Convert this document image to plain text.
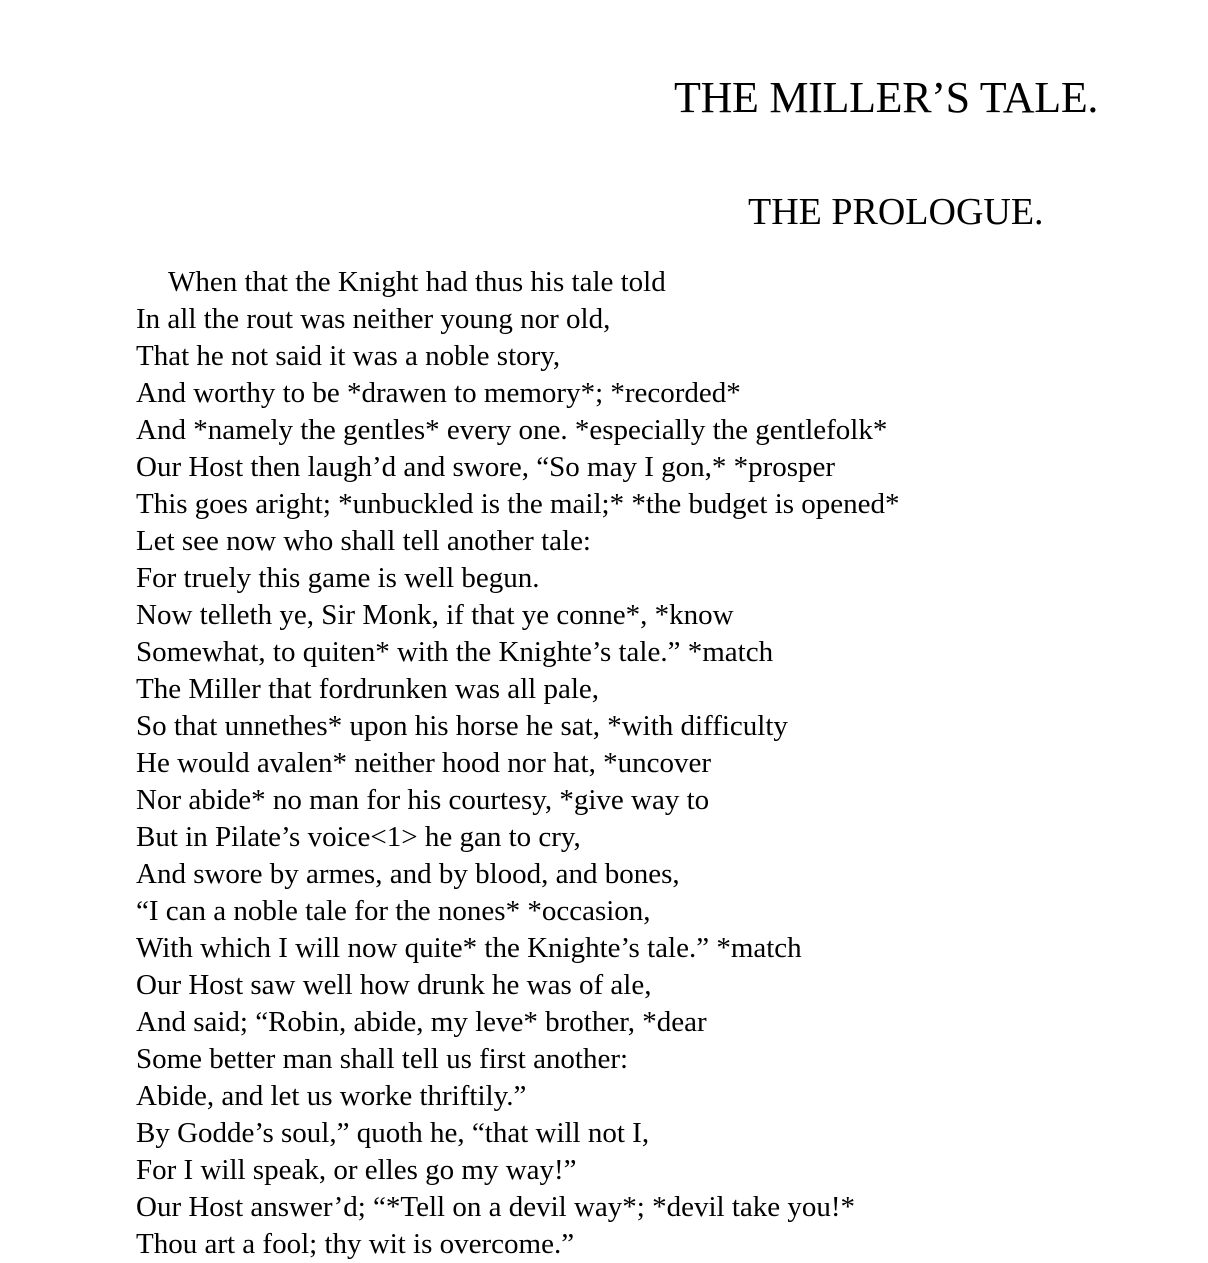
THE MILLER’S TALE.
THE PROLOGUE.
When that the Knight had thus his tale told
In all the rout was neither young nor old,
That he not said it was a noble story,
And worthy to be *drawen to memory*; *recorded*
And *namely the gentles* every one. *especially the gentlefolk*
Our Host then laugh’d and swore, “So may I gon,* *prosper
This goes aright; *unbuckled is the mail;* *the budget is opened*
Let see now who shall tell another tale:
For truely this game is well begun.
Now telleth ye, Sir Monk, if that ye conne*, *know
Somewhat, to quiten* with the Knighte’s tale.” *match
The Miller that fordrunken was all pale,
So that unnethes* upon his horse he sat, *with difficulty
He would avalen* neither hood nor hat, *uncover
Nor abide* no man for his courtesy, *give way to
But in Pilate’s voice<1> he gan to cry,
And swore by armes, and by blood, and bones,
“I can a noble tale for the nones* *occasion,
With which I will now quite* the Knighte’s tale.” *match
Our Host saw well how drunk he was of ale,
And said; “Robin, abide, my leve* brother, *dear
Some better man shall tell us first another:
Abide, and let us worke thriftily.”
By Godde’s soul,” quoth he, “that will not I,
For I will speak, or elles go my way!”
Our Host answer’d; “*Tell on a devil way*; *devil take you!*
Thou art a fool; thy wit is overcome.”
